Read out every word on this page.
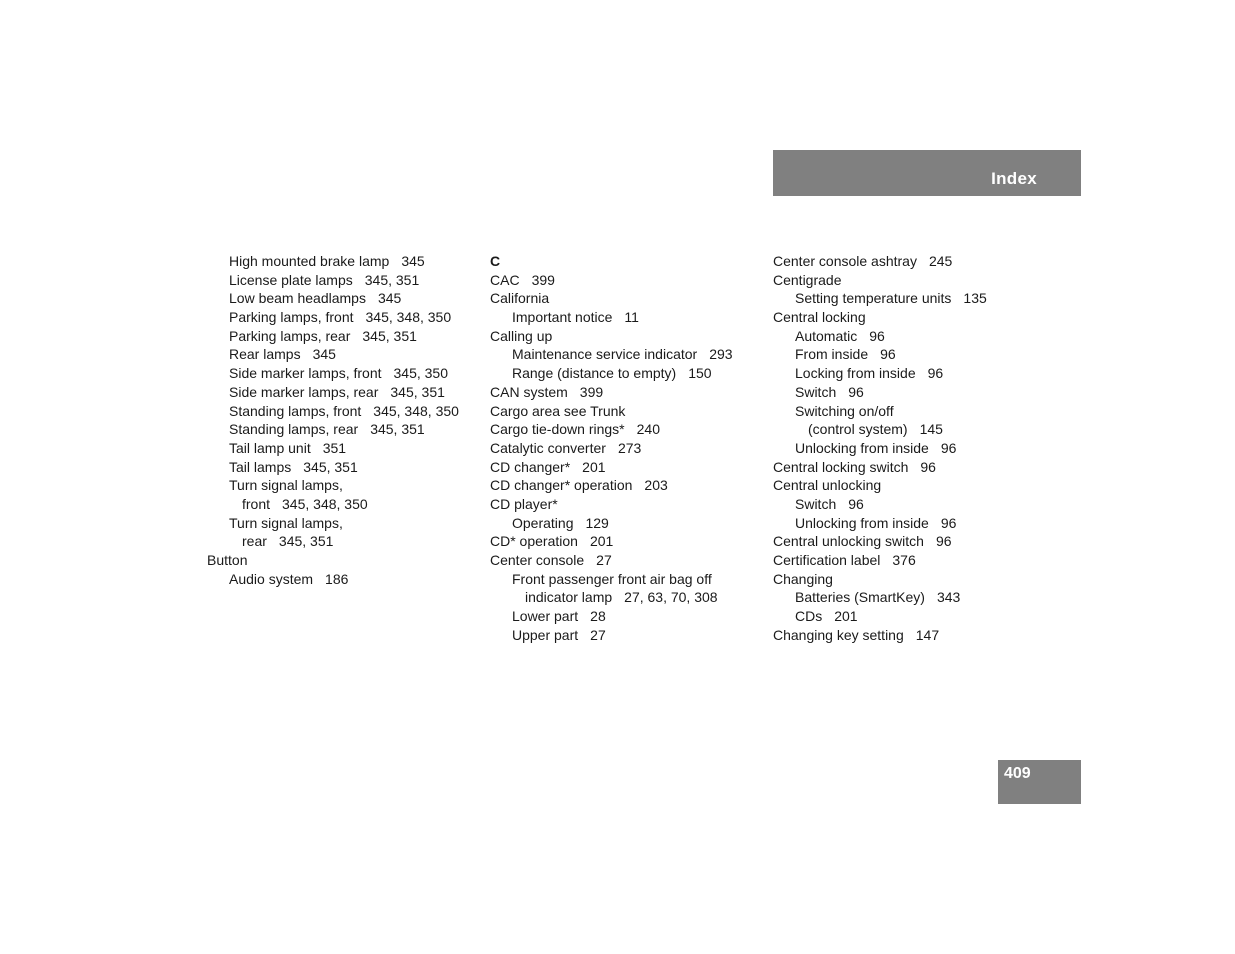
Index
High mounted brake lamp 345
License plate lamps 345, 351
Low beam headlamps 345
Parking lamps, front 345, 348, 350
Parking lamps, rear 345, 351
Rear lamps 345
Side marker lamps, front 345, 350
Side marker lamps, rear 345, 351
Standing lamps, front 345, 348, 350
Standing lamps, rear 345, 351
Tail lamp unit 351
Tail lamps 345, 351
Turn signal lamps,
front 345, 348, 350
Turn signal lamps,
rear 345, 351
Button
Audio system 186
C
CAC 399
California
Important notice 11
Calling up
Maintenance service indicator 293
Range (distance to empty) 150
CAN system 399
Cargo area see Trunk
Cargo tie-down rings* 240
Catalytic converter 273
CD changer* 201
CD changer* operation 203
CD player*
Operating 129
CD* operation 201
Center console 27
Front passenger front air bag off
indicator lamp 27, 63, 70, 308
Lower part 28
Upper part 27
Center console ashtray 245
Centigrade
Setting temperature units 135
Central locking
Automatic 96
From inside 96
Locking from inside 96
Switch 96
Switching on/off
(control system) 145
Unlocking from inside 96
Central locking switch 96
Central unlocking
Switch 96
Unlocking from inside 96
Central unlocking switch 96
Certification label 376
Changing
Batteries (SmartKey) 343
CDs 201
Changing key setting 147
409
